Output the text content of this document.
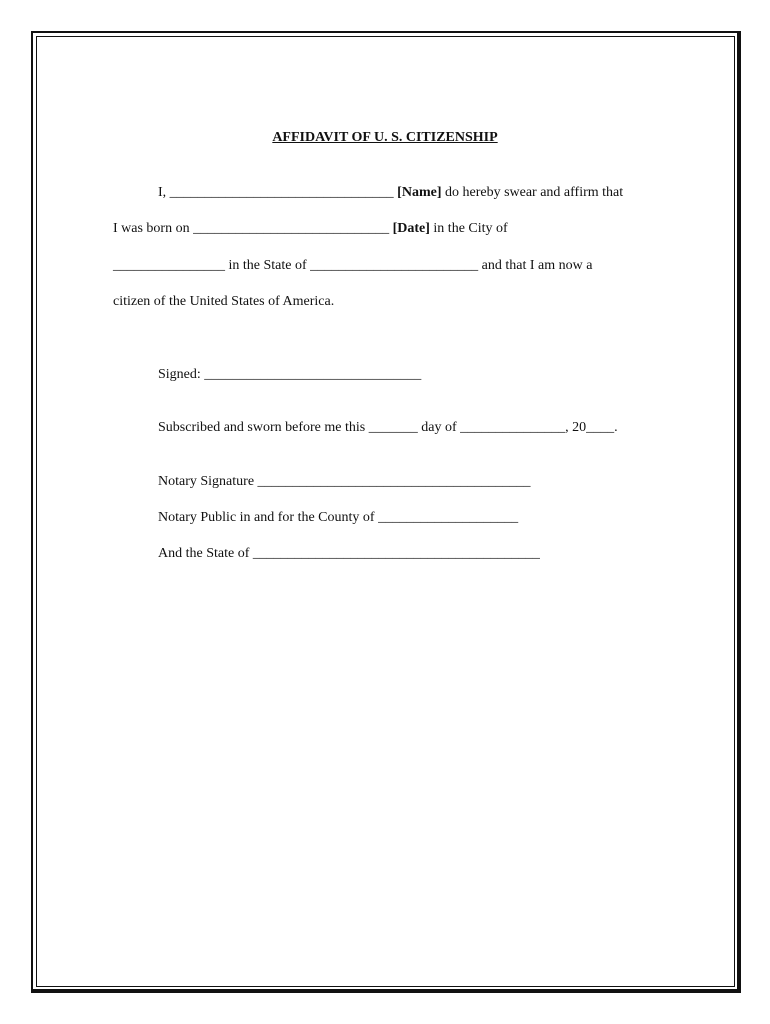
AFFIDAVIT OF U. S. CITIZENSHIP
I, ________________________________ [Name] do hereby swear and affirm that
I was born on ____________________________ [Date] in the City of
________________ in the State of ________________________ and that I am now a
citizen of the United States of America.
Signed: _______________________________
Subscribed and sworn before me this _______ day of _______________, 20____.
Notary Signature _______________________________________
Notary Public in and for the County of ____________________
And the State of _________________________________________
